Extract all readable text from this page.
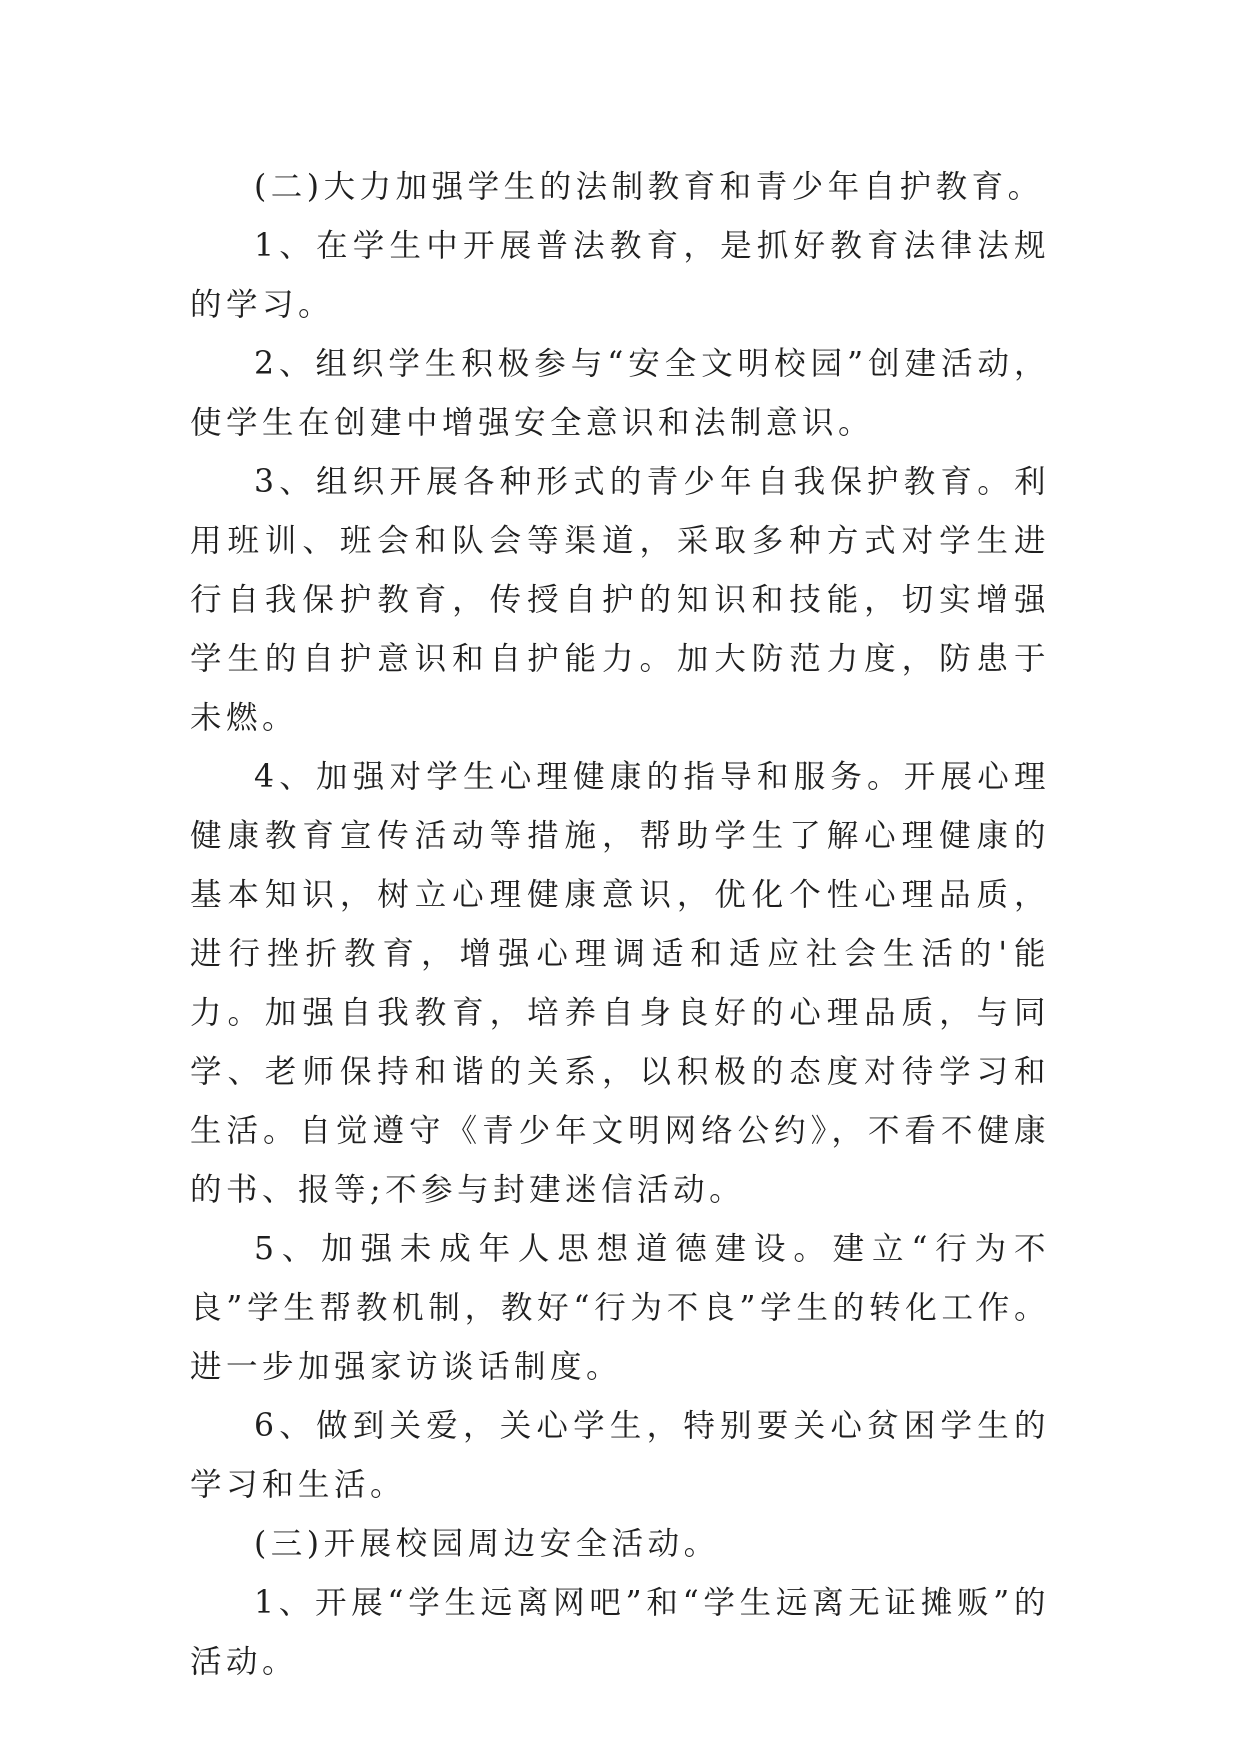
(二)大力加强学生的法制教育和青少年自护教育。

1、在学生中开展普法教育，是抓好教育法律法规的学习。

2、组织学生积极参与“安全文明校园”创建活动，使学生在创建中增强安全意识和法制意识。

3、组织开展各种形式的青少年自我保护教育。利用班训、班会和队会等渠道，采取多种方式对学生进行自我保护教育，传授自护的知识和技能，切实增强学生的自护意识和自护能力。加大防范力度，防患于未燃。

4、加强对学生心理健康的指导和服务。开展心理健康教育宣传活动等措施，帮助学生了解心理健康的基本知识，树立心理健康意识，优化个性心理品质，进行挫折教育，增强心理调适和适应社会生活的'能力。加强自我教育，培养自身良好的心理品质，与同学、老师保持和谐的关系，以积极的态度对待学习和生活。自觉遵守《青少年文明网络公约》，不看不健康的书、报等;不参与封建迷信活动。

5、加强未成年人思想道德建设。建立“行为不良”学生帮教机制，教好“行为不良”学生的转化工作。进一步加强家访谈话制度。

6、做到关爱，关心学生，特别要关心贫困学生的学习和生活。

(三)开展校园周边安全活动。

1、开展“学生远离网吧”和“学生远离无证摊贩”的活动。
